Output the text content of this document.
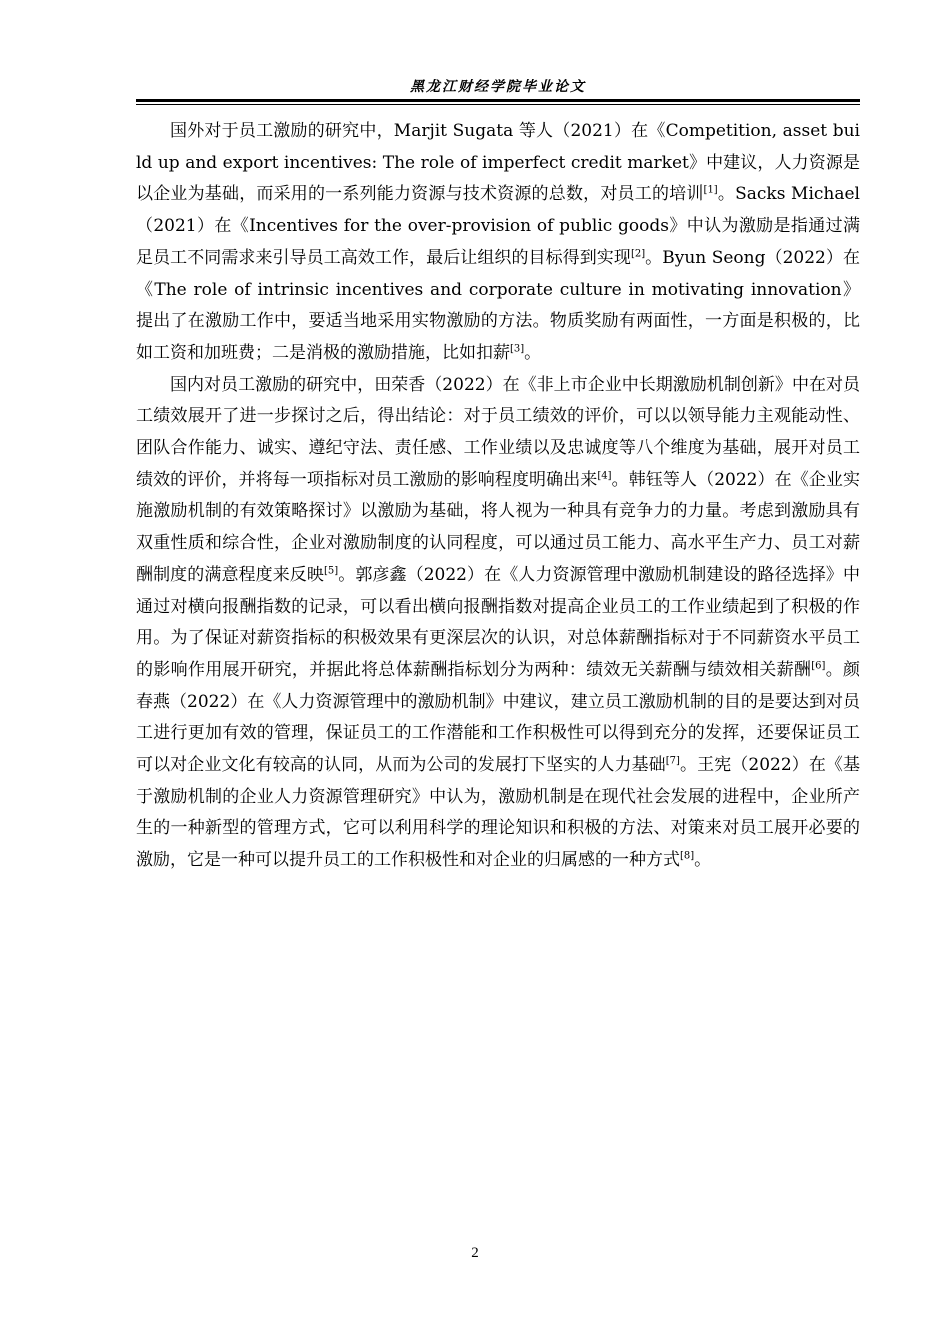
黑龙江财经学院毕业论文

国外对于员工激励的研究中，Marjit Sugata 等人（2021）在《Competition, asset build up and export incentives: The role of imperfect credit market》中建议，人力资源是以企业为基础，而采用的一系列能力资源与技术资源的总数，对员工的培训[1]。Sacks Michael（2021）在《Incentives for the over-provision of public goods》中认为激励是指通过满足员工不同需求来引导员工高效工作，最后让组织的目标得到实现[2]。Byun Seong（2022）在《The role of intrinsic incentives and corporate culture in motivating innovation》提出了在激励工作中，要适当地采用实物激励的方法。物质奖励有两面性，一方面是积极的，比如工资和加班费；二是消极的激励措施，比如扣薪[3]。

国内对员工激励的研究中，田荣香（2022）在《非上市企业中长期激励机制创新》中在对员工绩效展开了进一步探讨之后，得出结论：对于员工绩效的评价，可以以领导能力主观能动性、团队合作能力、诚实、遵纪守法、责任感、工作业绩以及忠诚度等八个维度为基础，展开对员工绩效的评价，并将每一项指标对员工激励的影响程度明确出来[4]。韩钰等人（2022）在《企业实施激励机制的有效策略探讨》以激励为基础，将人视为一种具有竞争力的力量。考虑到激励具有双重性质和综合性，企业对激励制度的认同程度，可以通过员工能力、高水平生产力、员工对薪酬制度的满意程度来反映[5]。郭彦鑫（2022）在《人力资源管理中激励机制建设的路径选择》中通过对横向报酬指数的记录，可以看出横向报酬指数对提高企业员工的工作业绩起到了积极的作用。为了保证对薪资指标的积极效果有更深层次的认识，对总体薪酬指标对于不同薪资水平员工的影响作用展开研究，并据此将总体薪酬指标划分为两种：绩效无关薪酬与绩效相关薪酬[6]。颜春燕（2022）在《人力资源管理中的激励机制》中建议，建立员工激励机制的目的是要达到对员工进行更加有效的管理，保证员工的工作潜能和工作积极性可以得到充分的发挥，还要保证员工可以对企业文化有较高的认同，从而为公司的发展打下坚实的人力基础[7]。王宪（2022）在《基于激励机制的企业人力资源管理研究》中认为，激励机制是在现代社会发展的进程中，企业所产生的一种新型的管理方式，它可以利用科学的理论知识和积极的方法、对策来对员工展开必要的激励，它是一种可以提升员工的工作积极性和对企业的归属感的一种方式[8]。

2
